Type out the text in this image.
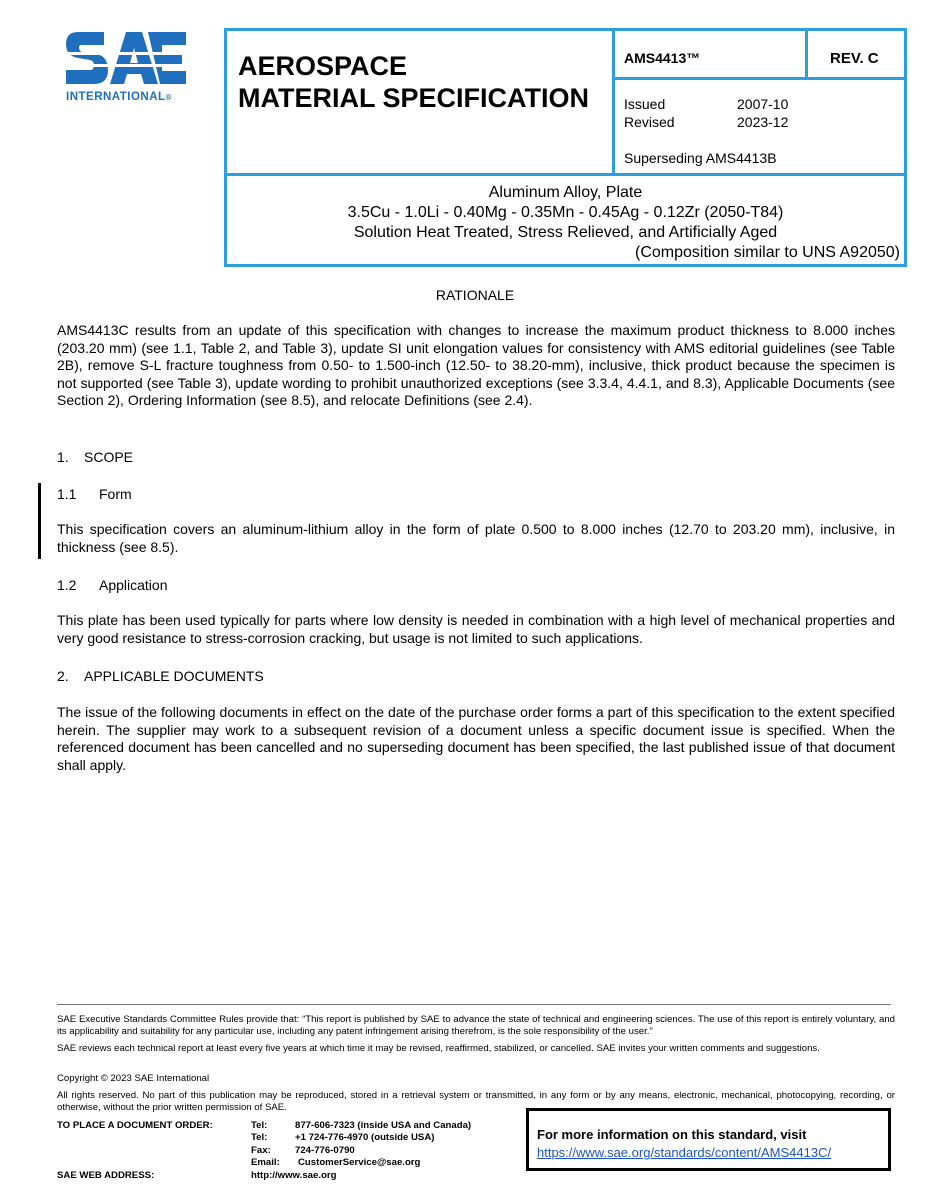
INTERNATIONAL®
AEROSPACE
MATERIAL SPECIFICATION
AMS4413™	REV. C
Issued	2007-10
Revised	2023-12
Superseding AMS4413B
Aluminum Alloy, Plate
3.5Cu - 1.0Li - 0.40Mg - 0.35Mn - 0.45Ag - 0.12Zr (2050-T84)
Solution Heat Treated, Stress Relieved, and Artificially Aged
(Composition similar to UNS A92050)
RATIONALE
AMS4413C results from an update of this specification with changes to increase the maximum product thickness to 8.000 inches (203.20 mm) (see 1.1, Table 2, and Table 3), update SI unit elongation values for consistency with AMS editorial guidelines (see Table 2B), remove S-L fracture toughness from 0.50- to 1.500-inch (12.50- to 38.20-mm), inclusive, thick product because the specimen is not supported (see Table 3), update wording to prohibit unauthorized exceptions (see 3.3.4, 4.4.1, and 8.3), Applicable Documents (see Section 2), Ordering Information (see 8.5), and relocate Definitions (see 2.4).
1. SCOPE
1.1 Form
This specification covers an aluminum-lithium alloy in the form of plate 0.500 to 8.000 inches (12.70 to 203.20 mm), inclusive, in thickness (see 8.5).
1.2 Application
This plate has been used typically for parts where low density is needed in combination with a high level of mechanical properties and very good resistance to stress-corrosion cracking, but usage is not limited to such applications.
2. APPLICABLE DOCUMENTS
The issue of the following documents in effect on the date of the purchase order forms a part of this specification to the extent specified herein. The supplier may work to a subsequent revision of a document unless a specific document issue is specified. When the referenced document has been cancelled and no superseding document has been specified, the last published issue of that document shall apply.
SAE Executive Standards Committee Rules provide that: “This report is published by SAE to advance the state of technical and engineering sciences. The use of this report is entirely voluntary, and its applicability and suitability for any particular use, including any patent infringement arising therefrom, is the sole responsibility of the user.”
SAE reviews each technical report at least every five years at which time it may be revised, reaffirmed, stabilized, or cancelled. SAE invites your written comments and suggestions.
Copyright © 2023 SAE International
All rights reserved. No part of this publication may be reproduced, stored in a retrieval system or transmitted, in any form or by any means, electronic, mechanical, photocopying, recording, or otherwise, without the prior written permission of SAE.
TO PLACE A DOCUMENT ORDER:	Tel:	877-606-7323 (inside USA and Canada)
Tel:	+1 724-776-4970 (outside USA)
Fax:	724-776-0790
Email: CustomerService@sae.org
SAE WEB ADDRESS:	http://www.sae.org
For more information on this standard, visit
https://www.sae.org/standards/content/AMS4413C/
